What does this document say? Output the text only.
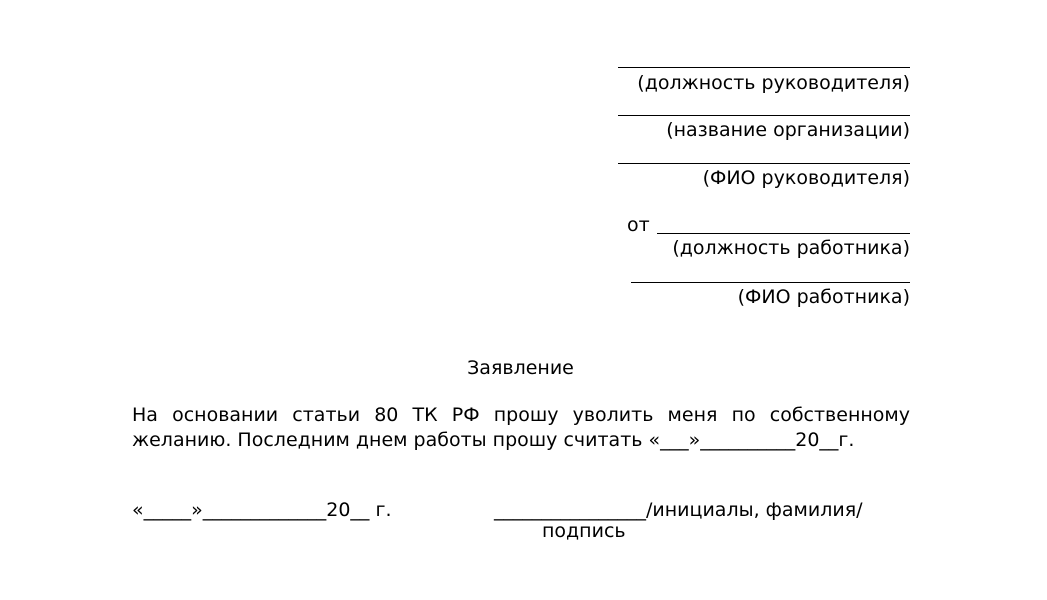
(должность руководителя)
(название организации)
(ФИО руководителя)
от
(должность работника)
(ФИО работника)
Заявление
На основании статьи 80 ТК РФ прошу уволить меня по собственному
желанию. Последним днем работы прошу считать «___»__________20__г.
«_____»_____________20__ г.	________________/инициалы, фамилия/
подпись
